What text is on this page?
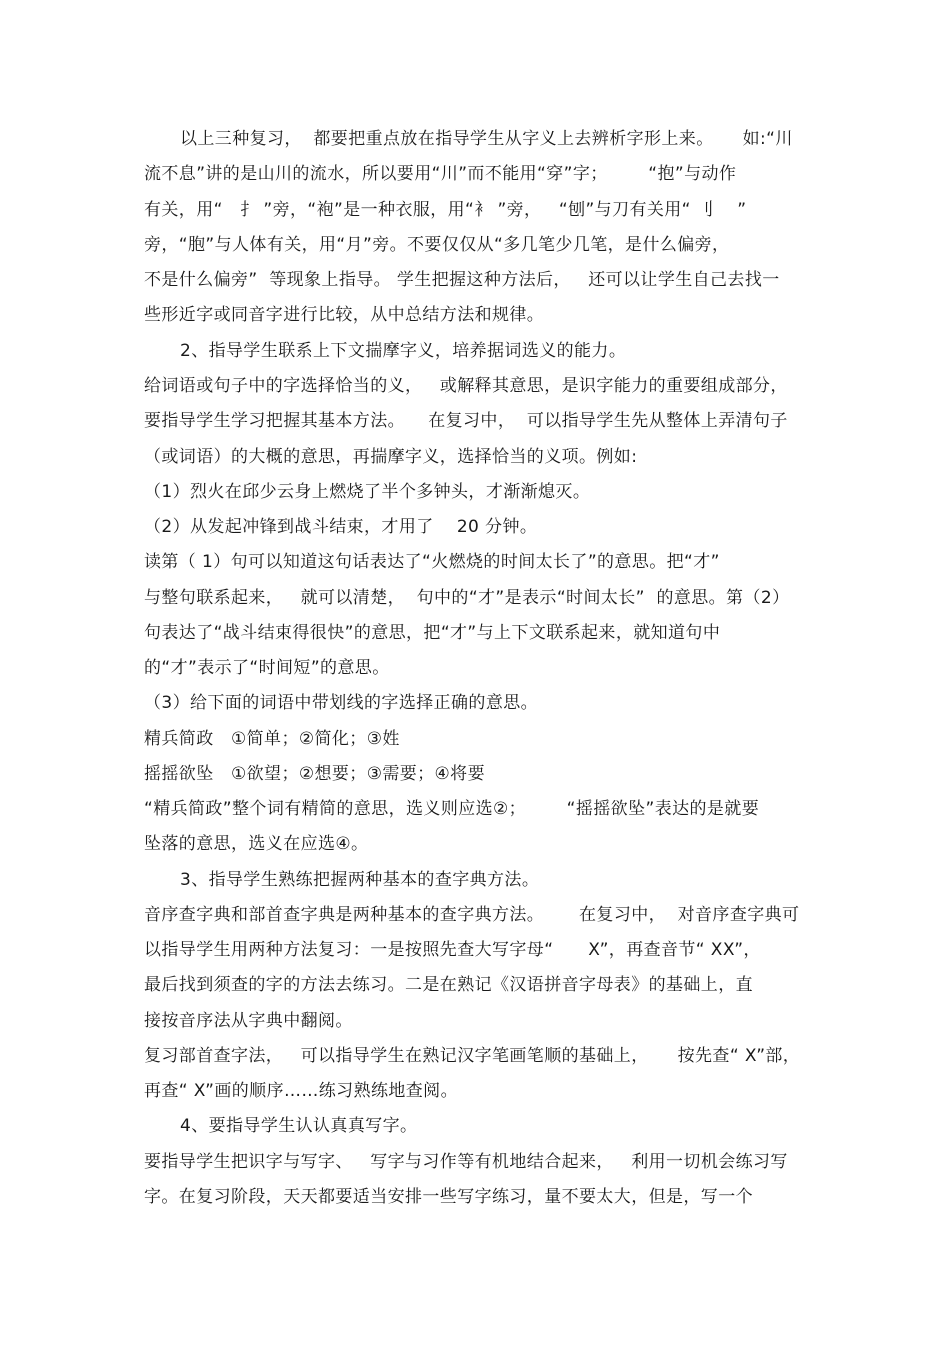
以上三种复习，  都要把重点放在指导学生从字义上去辨析字形上来。     如:“川
流不息”讲的是山川的流水，所以要用“川”而不能用“穿”字；       “抱”与动作
有关，用“   扌 ”旁，“袍”是一种衣服，用“衤 ”旁，   “刨”与刀有关用“ 刂    ”
旁，“胞”与人体有关，用“月”旁。不要仅仅从“多几笔少几笔，是什么偏旁，
不是什么偏旁”  等现象上指导。 学生把握这种方法后，   还可以让学生自己去找一
些形近字或同音字进行比较，从中总结方法和规律。
2、指导学生联系上下文揣摩字义，培养据词选义的能力。
给词语或句子中的字选择恰当的义，   或解释其意思，是识字能力的重要组成部分，
要指导学生学习把握其基本方法。    在复习中，  可以指导学生先从整体上弄清句子
（或词语）的大概的意思，再揣摩字义，选择恰当的义项。例如:
（1）烈火在邱少云身上燃烧了半个多钟头，才渐渐熄灭。
（2）从发起冲锋到战斗结束，才用了    20 分钟。
读第（ 1）句可以知道这句话表达了“火燃烧的时间太长了”的意思。把“才”
与整句联系起来，   就可以清楚，  句中的“才”是表示“时间太长”  的意思。第（2）
句表达了“战斗结束得很快”的意思，把“才”与上下文联系起来，就知道句中
的“才”表示了“时间短”的意思。
（3）给下面的词语中带划线的字选择正确的意思。
精兵简政   ①简单；②简化；③姓
摇摇欲坠   ①欲望；②想要；③需要；④将要
“精兵简政”整个词有精简的意思，选义则应选②；       “摇摇欲坠”表达的是就要
坠落的意思，选义在应选④。
3、指导学生熟练把握两种基本的查字典方法。
音序查字典和部首查字典是两种基本的查字典方法。      在复习中，  对音序查字典可
以指导学生用两种方法复习：一是按照先查大写字母“      X”，再查音节“ XX”，
最后找到须查的字的方法去练习。二是在熟记《汉语拼音字母表》的基础上，直
接按音序法从字典中翻阅。
复习部首查字法，   可以指导学生在熟记汉字笔画笔顺的基础上，     按先查“ X”部，
再查“ X”画的顺序……练习熟练地查阅。
4、要指导学生认认真真写字。
要指导学生把识字与写字、   写字与习作等有机地结合起来，   利用一切机会练习写
字。在复习阶段，天天都要适当安排一些写字练习，量不要太大，但是，写一个
